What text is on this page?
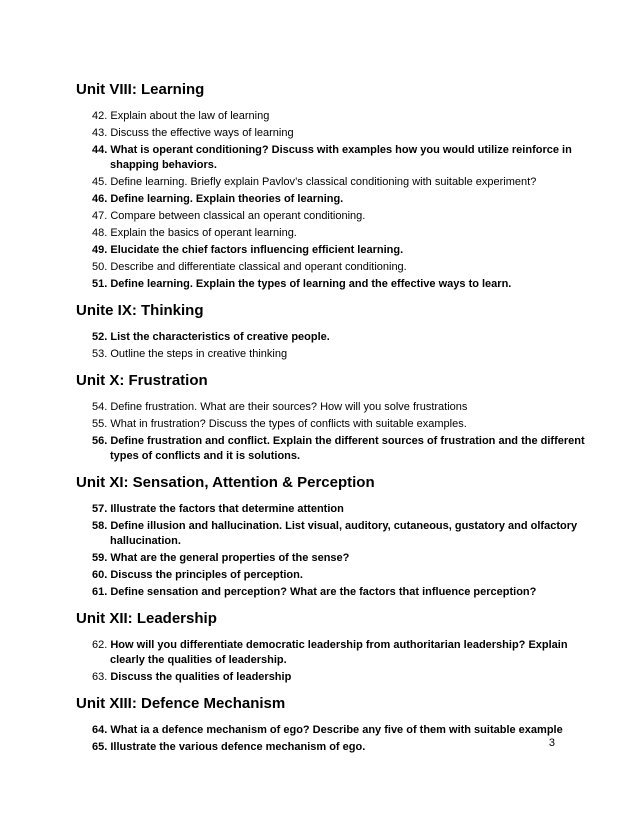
Unit VIII: Learning
42. Explain about the law of learning
43. Discuss the effective ways of learning
44. What is operant conditioning? Discuss with examples how you would utilize reinforce in shapping behaviors.
45. Define learning. Briefly explain Pavlov’s classical conditioning with suitable experiment?
46. Define learning. Explain theories of learning.
47. Compare between classical an operant conditioning.
48. Explain the basics of operant learning.
49. Elucidate the chief factors influencing efficient learning.
50. Describe and differentiate classical and operant conditioning.
51. Define learning. Explain the types of learning and the effective ways to learn.
Unite IX: Thinking
52. List the characteristics of creative people.
53. Outline the steps in creative thinking
Unit X: Frustration
54. Define frustration. What are their sources? How will you solve frustrations
55. What in frustration? Discuss the types of conflicts with suitable examples.
56. Define frustration and conflict. Explain the different sources of frustration and the different types of conflicts and it is solutions.
Unit XI: Sensation, Attention & Perception
57. Illustrate the factors that determine attention
58. Define illusion and hallucination. List visual, auditory, cutaneous, gustatory and olfactory hallucination.
59. What are the general properties of the sense?
60. Discuss the principles of perception.
61. Define sensation and perception? What are the factors that influence perception?
Unit XII: Leadership
62. How will you differentiate democratic leadership from authoritarian leadership? Explain clearly the qualities of leadership.
63. Discuss the qualities of leadership
Unit XIII: Defence Mechanism
64. What ia a defence mechanism of ego? Describe any five of them with suitable example
65. Illustrate the various defence mechanism of ego.	3
